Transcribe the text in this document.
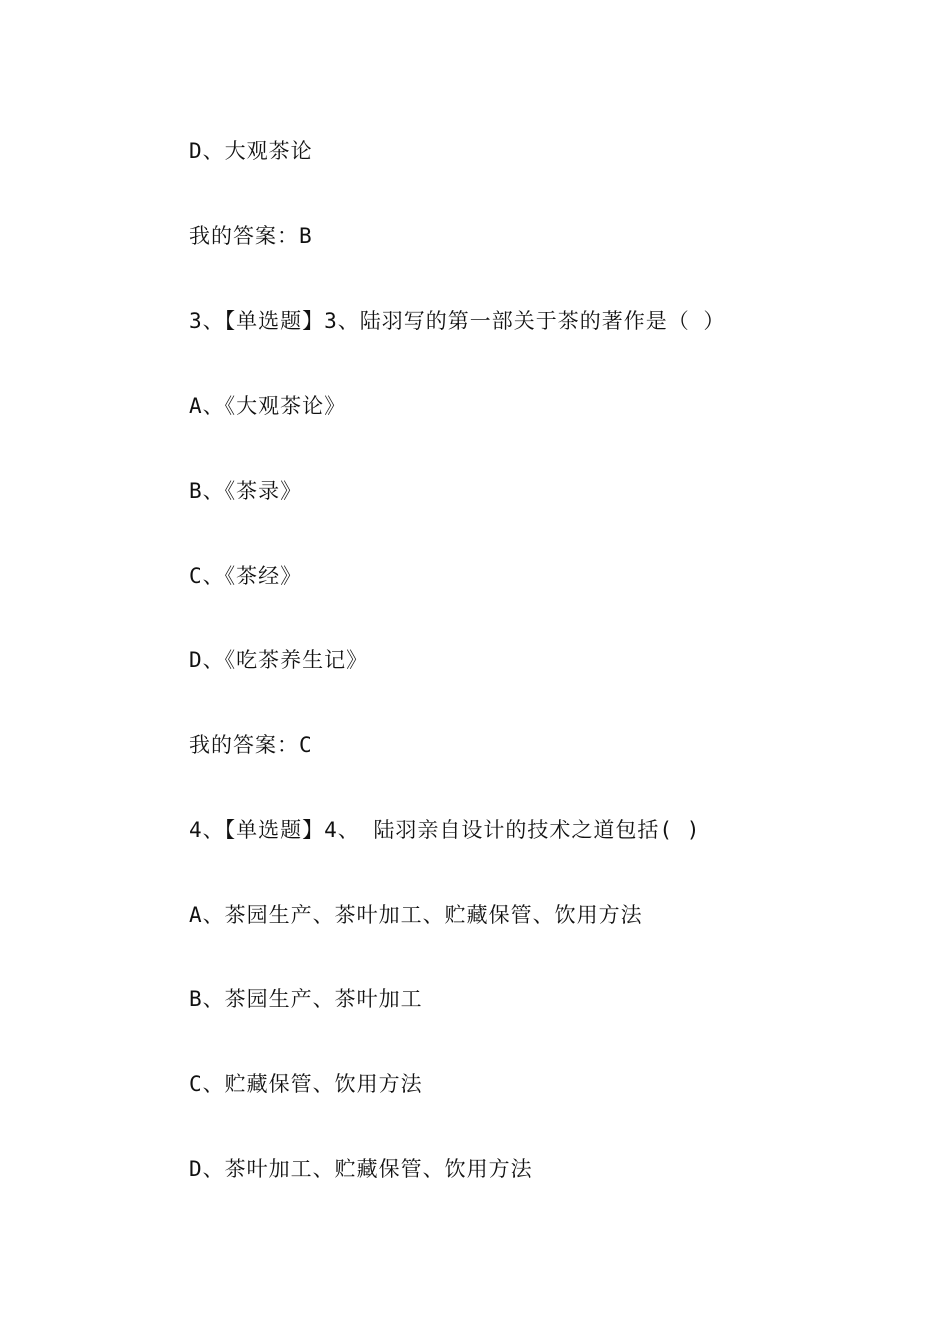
D、大观茶论
我的答案：B
3、【单选题】3、陆羽写的第一部关于茶的著作是（ ）
A、《大观茶论》
B、《茶录》
C、《茶经》
D、《吃茶养生记》
我的答案：C
4、【单选题】4、 陆羽亲自设计的技术之道包括( )
A、茶园生产、茶叶加工、贮藏保管、饮用方法
B、茶园生产、茶叶加工
C、贮藏保管、饮用方法
D、茶叶加工、贮藏保管、饮用方法
